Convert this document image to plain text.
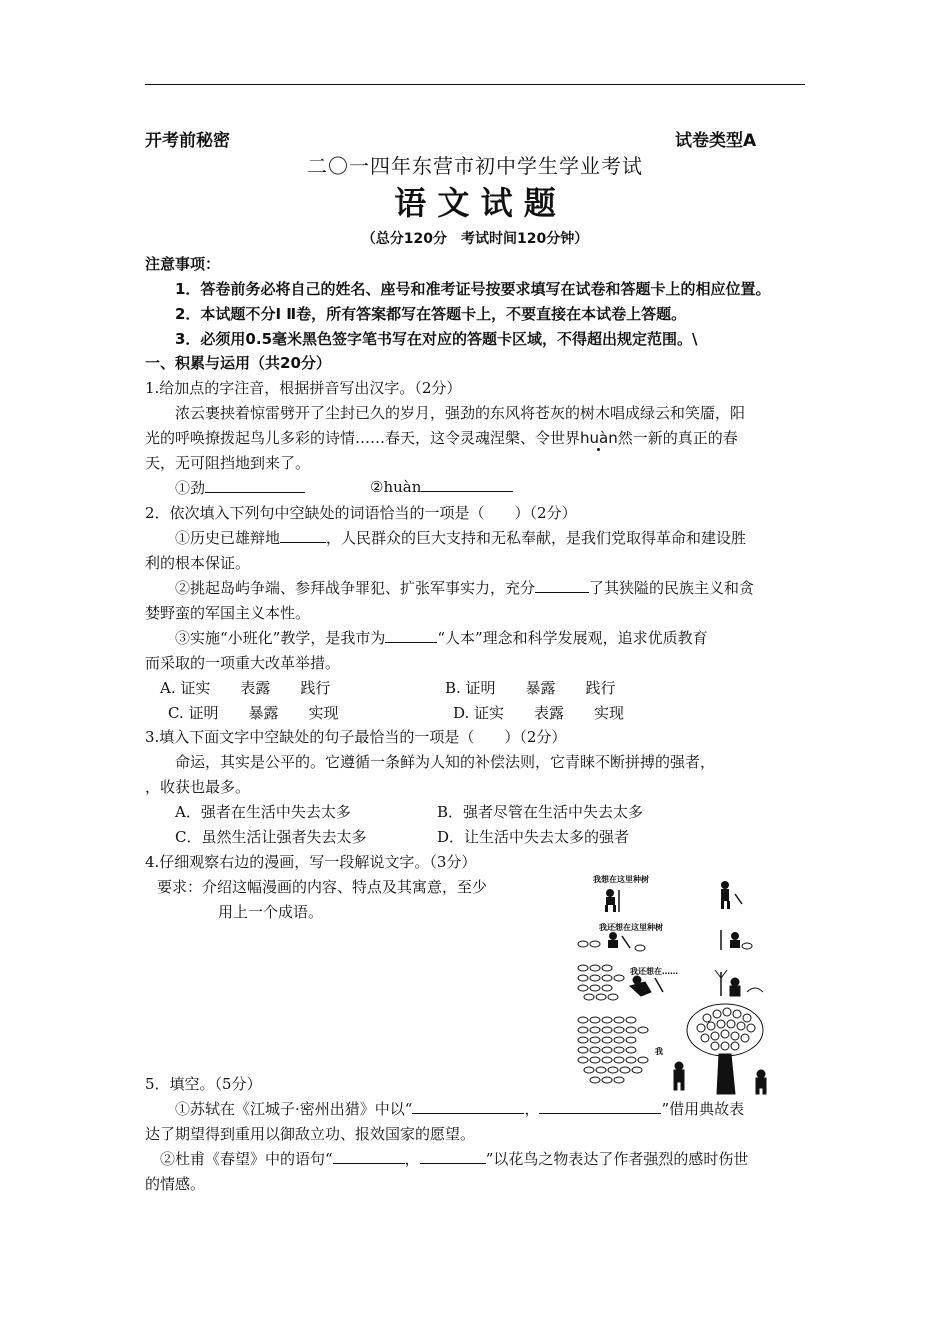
开考前秘密	试卷类型A
二〇一四年东营市初中学生学业考试
语 文 试 题
（总分120分　考试时间120分钟）
注意事项：
1．答卷前务必将自己的姓名、座号和准考证号按要求填写在试卷和答题卡上的相应位置。
2．本试题不分Ⅰ Ⅱ卷，所有答案都写在答题卡上，不要直接在本试卷上答题。
3．必须用0.5毫米黑色签字笔书写在对应的答题卡区域，不得超出规定范围。\
一、积累与运用（共20分）
1.给加点的字注音，根据拼音写出汉字。（2分）
浓云裹挟着惊雷劈开了尘封已久的岁月，强劲的东风将苍灰的树木唱成绿云和笑靥，阳
光的呼唤撩拨起鸟儿多彩的诗情……春天，这令灵魂涅槃、令世界huàn然一新的真正的春
天，无可阻挡地到来了。
①劲	②huàn
2．依次填入下列句中空缺处的词语恰当的一项是（　　）（2分）
①历史已雄辩地	，人民群众的巨大支持和无私奉献，是我们党取得革命和建设胜
利的根本保证。
②挑起岛屿争端、参拜战争罪犯、扩张军事实力，充分	了其狭隘的民族主义和贪
婪野蛮的军国主义本性。
③实施“小班化”教学，是我市为	“人本”理念和科学发展观，追求优质教育
而采取的一项重大改革举措。
A. 证实　　表露　　践行	B. 证明　　暴露　　践行
C. 证明　　暴露　　实现	D. 证实　　表露　　实现
3.填入下面文字中空缺处的句子最恰当的一项是（　　）（2分）
命运，其实是公平的。它遵循一条鲜为人知的补偿法则，它青睐不断拼搏的强者，
，收获也最多。
A．强者在生活中失去太多	B．强者尽管在生活中失去太多
C．虽然生活让强者失去太多	D．让生活中失去太多的强者
4.仔细观察右边的漫画，写一段解说文字。（3分）
要求：介绍这幅漫画的内容、特点及其寓意，至少
用上一个成语。
我想在这里种树
我还想在这里种树
我还想在……
我
5．填空。（5分）
①苏轼在《江城子·密州出猎》中以“	，	”借用典故表
达了期望得到重用以御敌立功、报效国家的愿望。
②杜甫《春望》中的语句“	，	”以花鸟之物表达了作者强烈的感时伤世
的情感。
